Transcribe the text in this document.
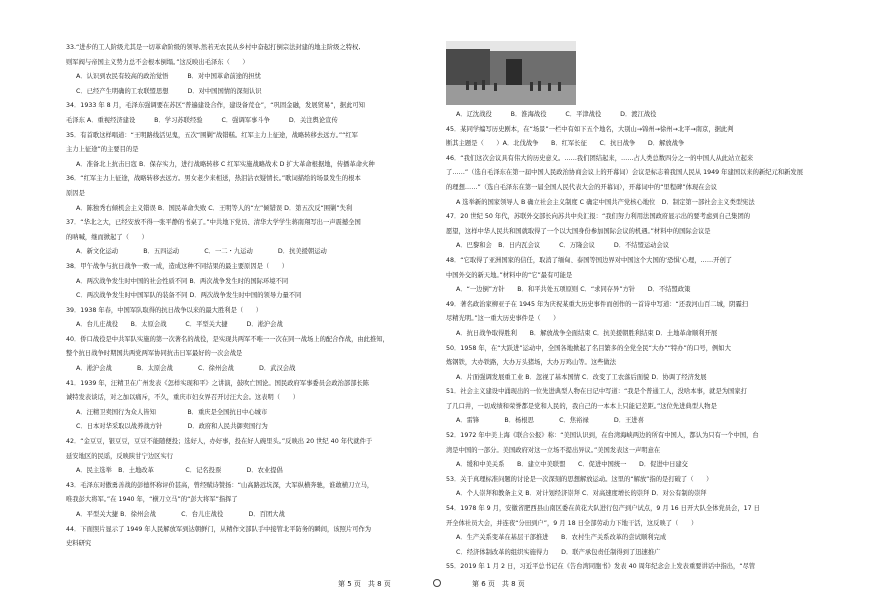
33.“进步的工人阶级尤其是一切革命阶级的领导,然若无农民从乡村中奋起打倒宗法封建的地主阶级之特权,

则军阀与帝国主义势力总不会根本倒塌。”这反映出毛泽东（　　）

A．认识到农民有较高的政治觉悟　　　B．对中国革命前途的担忧

C．已经产生明确的工农联盟思想　　　D．对中国国情的深刻认识

34．1933 年 8 月，毛泽东强调要在苏区“普遍建设合作，建设备荒仓”，“巩固金融，发展贸易”，据此可知

毛泽东 A．重视经济建设　　　B．学习苏联经验　　　C．强调军事斗争　　　D．关注舆论宣传

35．有首歌这样唱道：“王明路线活见鬼，五次“围剿”战错糕。红军主力上征途，战略转移去远方。”“红军

主力上征途”的主要目的是

A．准备北上抗击日寇 B．保存实力，进行战略转移 C 红军实施战略战术 D 扩大革命根据地，传播革命火种

36．“红军主力上征途，战略转移去远方。男女老少来相送，热泪沾衣疑情长。”歌词描绘的场景发生的根本

原因是

A．陈独秀右倾机会主义错误 B．国民革命失败 C．王明等人的“左”倾错误 D．第五次反“围剿”失利

37．“华北之大，已经安放不得一张平静的书桌了。”中共地下党员、清华大学学生蒋南翔写出一声震撼全国

的呐喊，继而掀起了（　　）

A．新文化运动　　　　B．五四运动　　　　C．一二・九运动　　　　D．抗美援朝运动

38．甲午战争与抗日战争一败一成，造成这种不同结果的最主要原因是（　　）

A．两次战争发生时中国的社会性质不同 B．两次战争发生时的国际环境不同

C．两次战争发生时中国军队的装备不同 D．两次战争发生时中国的领导力量不同

39．1938 年春，中国军队取得的抗日战争以来的最大胜利是（　　）

A．台儿庄战役　　B．太原会战　　　C．平型关大捷　　　D．淞沪会战

40．侨口战役是中共军队实施的第一次著名的战役，是实现共两军不唯一一次在同一战场上的配合作战，由此推知，

整个抗日战争时期国共两党两军协同抗击日军最好的一次会战是

A．淞沪会战　　　　B．太原会战　　　　C．徐州会战　　　　D．武汉会战

41．1939 年，汪精卫在广州发表《怎样实现和平》之讲演，鼓吹亡国论。国民政府军事委员会政治部部长陈

诚特发表谈话，对之加以痛斥，不久，重庆市妇女界召开讨汪大会。这表明（　　）

A．汪精卫卖国行为众人皆知　　　　　B．重庆是全国抗日中心城市

C．日本对华采取以战养战方针　　　　D．政府和人民共御卖国行为

42．“金豆豆，银豆豆，豆豆不能随便投；选好人，办好事，投在好人碗里头。”反映出 20 世纪 40 年代就件于

延安地区的民谣，反映陕甘宁边区实行

A．民主选举　B．土地改革　　　　　C．记名投票　　　　D．农业提倡

43．毛泽东对傲勇善战的彭德怀称评价甚高，曾经赋诗赞扬：“山高路远坑深，大军纵横奔驰，谁敢横刀立马，

唯我彭大将军。”在 1940 年，“横刀立马”的“彭大将军”指挥了

A．平型关大捷 B．徐州会战　　　　C．台儿庄战役　　　　D．百团大战

44．下面照片显示了 1949 年人民解放军到达朝鲜门，从精作文部队手中接管北平防务的瞬间，该照片可作为

史料研究

A．辽沈战役　　　B．淮海战役　　　C．平津战役　　　D．渡江战役

45．某同学编写历史剧本，在“场景”一栏中有如下五个地名，大别山→锦州→徐州→北平→南京，据此判

断其主题是（　　）A．北伐战争　　B．红军长征　　C．抗日战争　　D．解放战争

46．“我们这次会议具有伟大的历史意义。……我们团结起来，……占人类总数四分之一的中国人从此站立起来

了……”（选自毛泽东在第一届中国人民政治协商会议上的开幕词）会议是标志着我国人民从 1949 年建国以来的新纪元和新发展

的理想……”（选自毛泽东在第一届全国人民代表大会的开幕词），开幕词中的“里程碑”体现在会议

A 选举新的国家领导人 B 确立社会主义制度 C 确定中国共产党核心地位　D．制定第一部社会主义类型宪法

47．20 世纪 50 年代，苏联外交部长向苏共中央汇报：“我们努力利用法国政府显示出的要考虑到自己集团的

愿望，这样中华人民共和国就取得了一个以大国身份参加国际会议的机遇。”材料中的国际会议是

A．巴黎和会　B．日内瓦会议　　　C．万隆会议　　　D．不结盟运动会议

48．“它取得了亚洲国家的信任，取消了缅甸、泰国等国边界对中国这个大国的‘恐惧’心理，……开创了

中国外交的新天地。”材料中的“它”最有可能是

A．“一边倒”方针　　B．和平共处五项原则 C．“求同存异”方针　　D．不结盟政策

49．著名政治家柳亚子在 1945 年为庆祝某重大历史事件而创作的一首诗中写道：“还我河山百二城，阴霾扫

尽精光明。”这一重大历史事件是（　　）

A．抗日战争取得胜利　　B．解放战争全面结束 C．抗美援朝胜利结束 D．土地革命顺利开展

50．1958 年，在“大跃进”运动中，全国各地掀起了名目繁多的全党全民“大办”“特办”的口号，例如大

炼钢铁，大办铁路，大办万头猪场，大办万鸡山等。这些做法

A．片面强调发展重工业 B．忽视了基本国情 C．改变了工农落后面貌 D．协调了经济发展

51．社会主义建设中涌现出的一位先进典型人物在日记中写道：“我是个普通工人，没啥本事，就是为国家打

了几口井，一切成绩和荣誉都是党和人民的，我自己的一本本上只能记差距。”这位先进典型人物是

A．雷锋　　　　B．杨根思　　　　C．焦裕禄　　　　D．王进喜

52．1972 年中美上海《联合公报》称：“美国认识到，在台湾海峡两边的所有中国人，都认为只有一个中国，台

湾是中国的一部分。美国政府对这一立场不提出异议。”美国发表这一声明意在

A．缓和中美关系　　B．建立中美联盟　　C．促进中国统一　　D．促进中日建交

53．关于真理标准问题的讨论是一次深刻的思想解放运动。这里的“解放”指的是打破了（　　）

A．个人崇拜和教条主义 B．对计划经济崇拜 C．对高速度增长的崇拜 D．对公有制的崇拜

54．1978 年 9 月，安徽省肥西县山南区委在黄花大队进行包产到户试点，9 月 16 日开大队全体党员会，17 日

开全体社员大会，并连夜“分田到户”，9 月 18 日全部劳动力下地干活，这反映了（　　）

A．生产关系变革在基层干部推进　　B．农村生产关系改革的尝试顺利完成

C．经济体制改革的组织实施得力　　D．联产承包责任制得到了迅速推广

55．2019 年 1 月 2 日，习近平总书记在《告台湾同胞书》发表 40 周年纪念会上发表重要讲话中指出，“尽管

第 5 页　共 8 页	第 6 页　共 8 页
